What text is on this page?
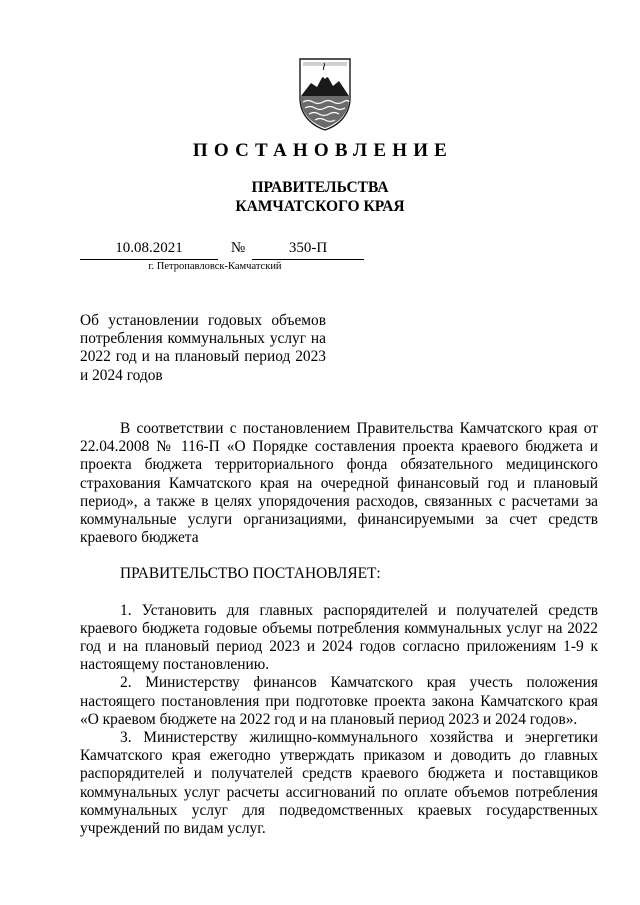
ПОСТАНОВЛЕНИЕ
ПРАВИТЕЛЬСТВА
КАМЧАТСКОГО КРАЯ
10.08.2021	№	350-П
г. Петропавловск-Камчатский
Об установлении годовых объемов потребления коммунальных услуг на 2022 год и на плановый период 2023 и 2024 годов

В соответствии с постановлением Правительства Камчатского края от 22.04.2008 № 116-П «О Порядке составления проекта краевого бюджета и проекта бюджета территориального фонда обязательного медицинского страхования Камчатского края на очередной финансовый год и плановый период», а также в целях упорядочения расходов, связанных с расчетами за коммунальные услуги организациями, финансируемыми за счет средств краевого бюджета

ПРАВИТЕЛЬСТВО ПОСТАНОВЛЯЕТ:

1. Установить для главных распорядителей и получателей средств краевого бюджета годовые объемы потребления коммунальных услуг на 2022 год и на плановый период 2023 и 2024 годов согласно приложениям 1-9 к настоящему постановлению.

2. Министерству финансов Камчатского края учесть положения настоящего постановления при подготовке проекта закона Камчатского края «О краевом бюджете на 2022 год и на плановый период 2023 и 2024 годов».

3. Министерству жилищно-коммунального хозяйства и энергетики Камчатского края ежегодно утверждать приказом и доводить до главных распорядителей и получателей средств краевого бюджета и поставщиков коммунальных услуг расчеты ассигнований по оплате объемов потребления коммунальных услуг для подведомственных краевых государственных учреждений по видам услуг.
